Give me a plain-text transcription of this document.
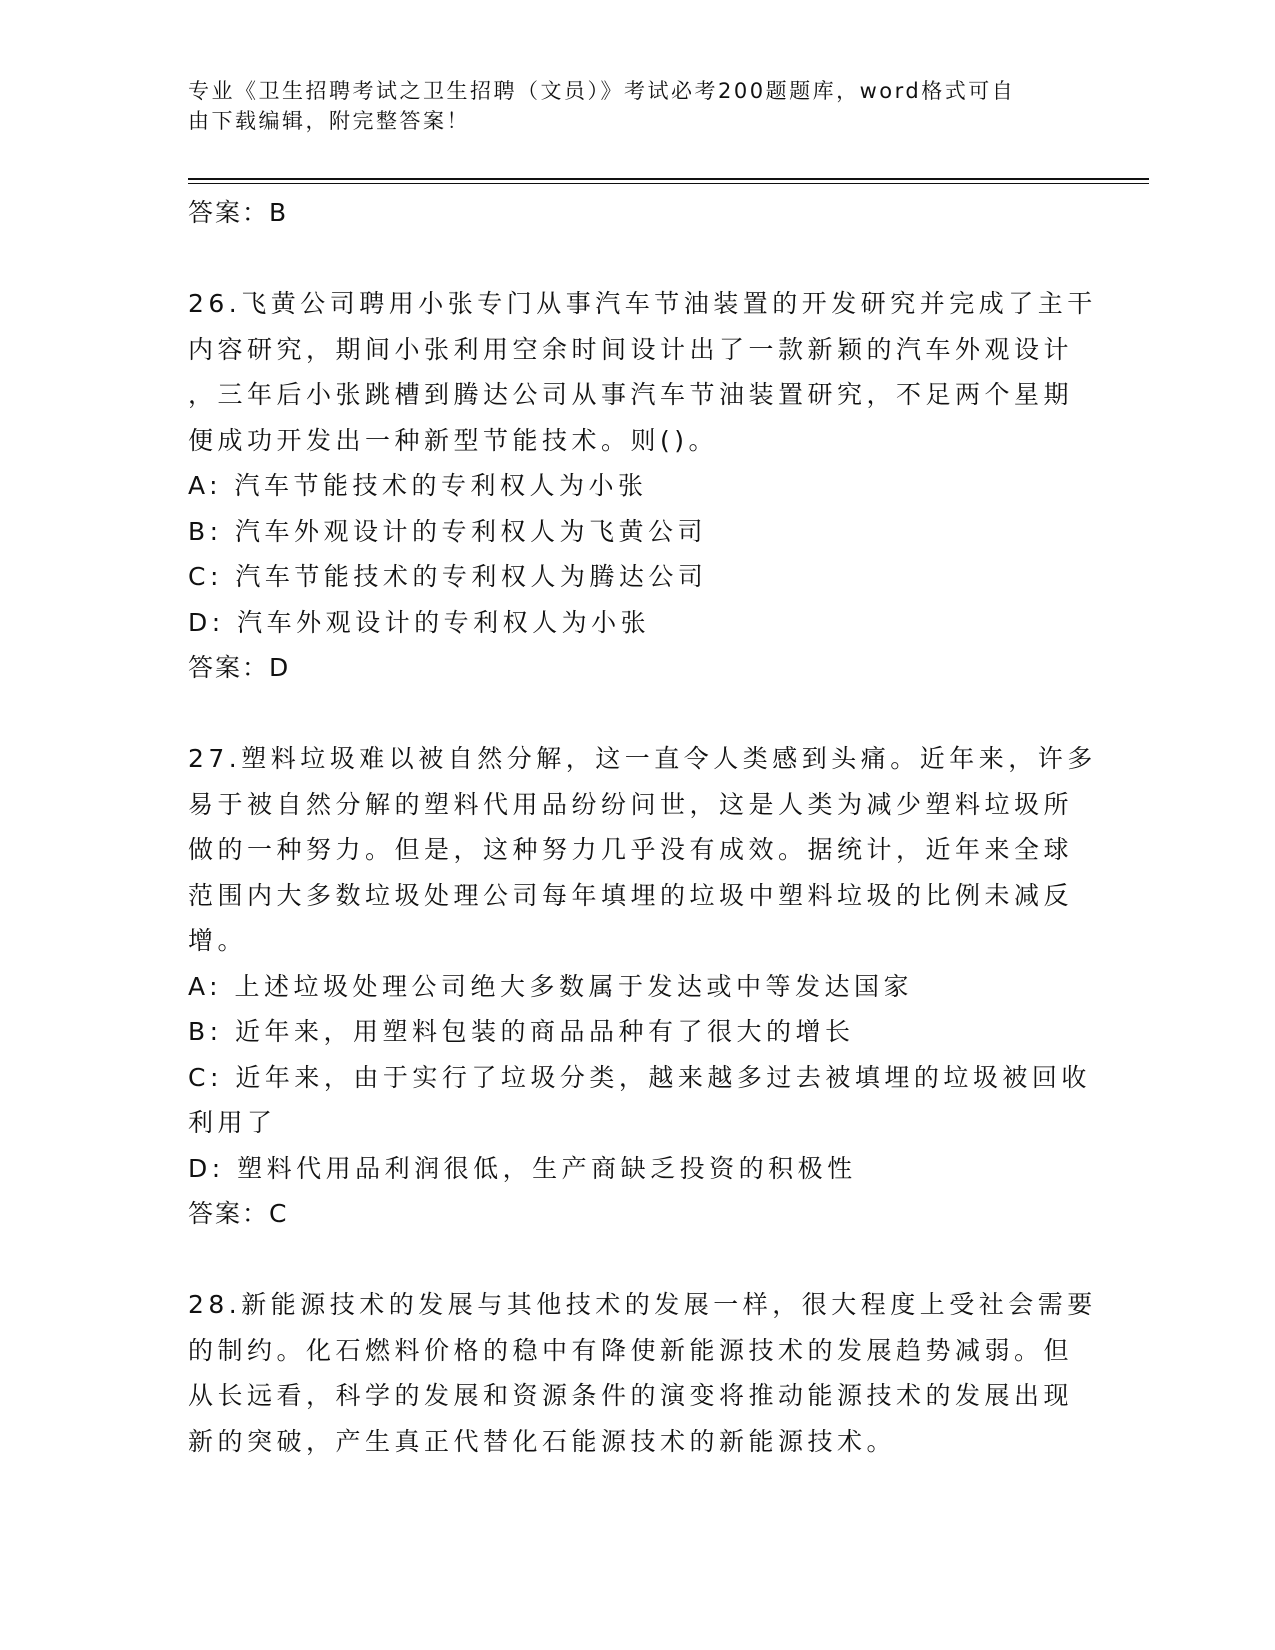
专业《卫生招聘考试之卫生招聘（文员）》考试必考200题题库，word格式可自
由下载编辑，附完整答案！

答案：B

26.飞黄公司聘用小张专门从事汽车节油装置的开发研究并完成了主干

内容研究，期间小张利用空余时间设计出了一款新颖的汽车外观设计

，三年后小张跳槽到腾达公司从事汽车节油装置研究，不足两个星期

便成功开发出一种新型节能技术。则()。

A: 汽车节能技术的专利权人为小张

B: 汽车外观设计的专利权人为飞黄公司

C: 汽车节能技术的专利权人为腾达公司

D: 汽车外观设计的专利权人为小张

答案：D

27.塑料垃圾难以被自然分解，这一直令人类感到头痛。近年来，许多

易于被自然分解的塑料代用品纷纷问世，这是人类为减少塑料垃圾所

做的一种努力。但是，这种努力几乎没有成效。据统计，近年来全球

范围内大多数垃圾处理公司每年填埋的垃圾中塑料垃圾的比例未减反

增。

A: 上述垃圾处理公司绝大多数属于发达或中等发达国家

B: 近年来，用塑料包装的商品品种有了很大的增长

C: 近年来，由于实行了垃圾分类，越来越多过去被填埋的垃圾被回收

利用了

D: 塑料代用品利润很低，生产商缺乏投资的积极性

答案：C

28.新能源技术的发展与其他技术的发展一样，很大程度上受社会需要

的制约。化石燃料价格的稳中有降使新能源技术的发展趋势减弱。但

从长远看，科学的发展和资源条件的演变将推动能源技术的发展出现

新的突破，产生真正代替化石能源技术的新能源技术。
